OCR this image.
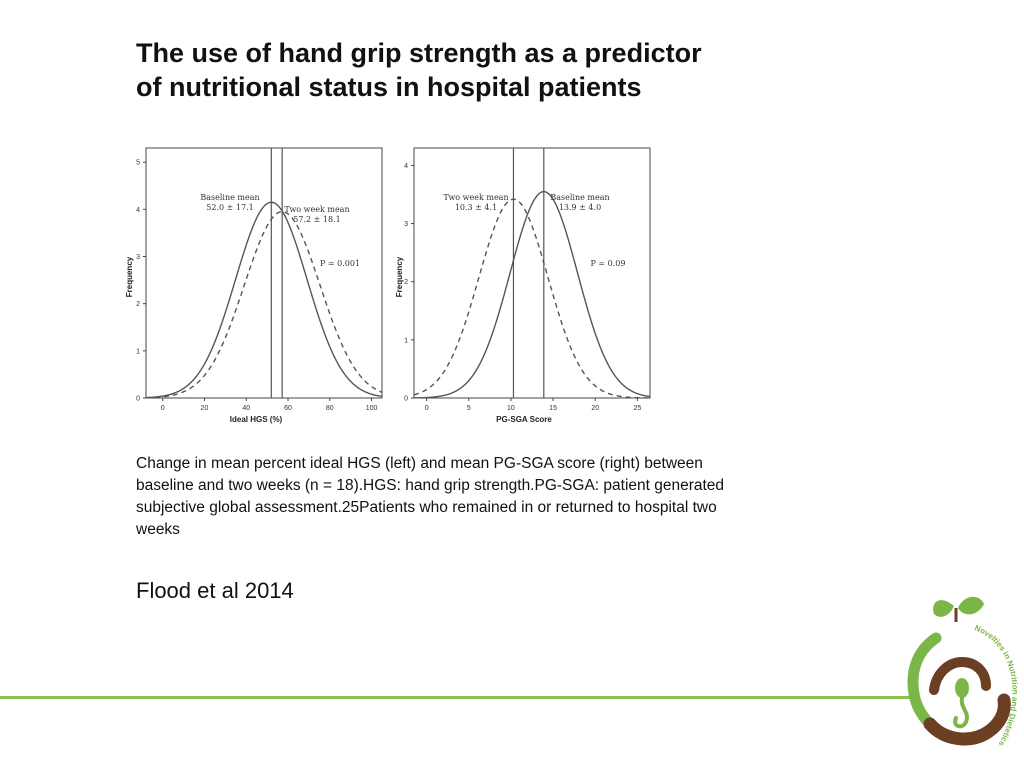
The use of hand grip strength as a predictor
of nutritional status in hospital patients
0	20	40	60	80	100
0
1
2
3
4
5
Baseline mean
52.0 ± 17.1	Two week mean
57.2 ± 18.1
P = 0.001
Ideal HGS (%)
Frequency
0	5	10	15	20	25
0
1
2
3
4
Two week mean
10.3 ± 4.1
Baseline mean
13.9 ± 4.0
P = 0.09
PG-SGA Score
Frequency
Change in mean percent ideal HGS (left) and mean PG-SGA score (right) between baseline and two weeks (n = 18).HGS: hand grip strength.PG-SGA: patient generated subjective global assessment.25Patients who remained in or returned to hospital two weeks
Flood et al 2014
Novelties in Nutrition and Dietetics
